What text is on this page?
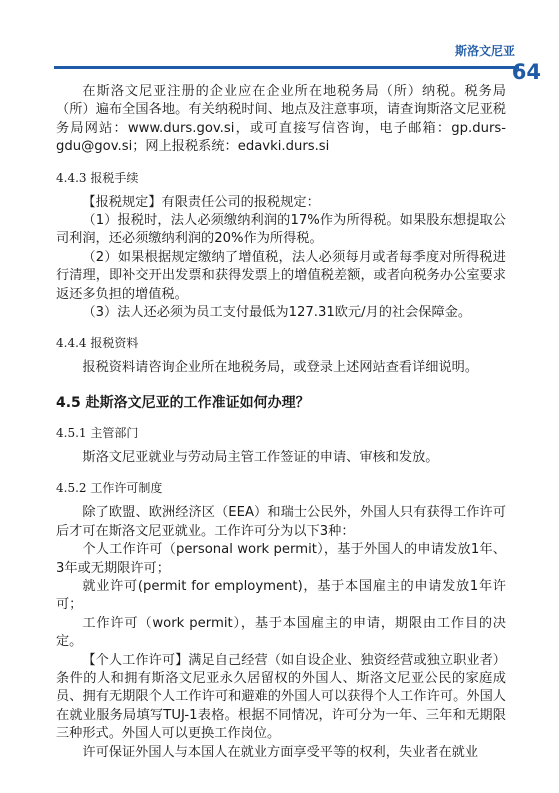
斯洛文尼亚
64

在斯洛文尼亚注册的企业应在企业所在地税务局（所）纳税。税务局（所）遍布全国各地。有关纳税时间、地点及注意事项，请查询斯洛文尼亚税务局网站：www.durs.gov.si，或可直接写信咨询，电子邮箱：gp.durs-gdu@gov.si；网上报税系统：edavki.durs.si

4.4.3 报税手续

【报税规定】有限责任公司的报税规定：

（1）报税时，法人必须缴纳利润的17%作为所得税。如果股东想提取公司利润，还必须缴纳利润的20%作为所得税。

（2）如果根据规定缴纳了增值税，法人必须每月或者每季度对所得税进行清理，即补交开出发票和获得发票上的增值税差额，或者向税务办公室要求返还多负担的增值税。

（3）法人还必须为员工支付最低为127.31欧元/月的社会保障金。

4.4.4 报税资料

报税资料请咨询企业所在地税务局，或登录上述网站查看详细说明。

4.5 赴斯洛文尼亚的工作准证如何办理？
4.5.1 主管部门

斯洛文尼亚就业与劳动局主管工作签证的申请、审核和发放。

4.5.2 工作许可制度

除了欧盟、欧洲经济区（EEA）和瑞士公民外，外国人只有获得工作许可后才可在斯洛文尼亚就业。工作许可分为以下3种：

个人工作许可（personal work permit），基于外国人的申请发放1年、3年或无期限许可；

就业许可(permit for employment)，基于本国雇主的申请发放1年许可；

工作许可（work permit），基于本国雇主的申请，期限由工作目的决定。

【个人工作许可】满足自己经营（如自设企业、独资经营或独立职业者）条件的人和拥有斯洛文尼亚永久居留权的外国人、斯洛文尼亚公民的家庭成员、拥有无期限个人工作许可和避难的外国人可以获得个人工作许可。外国人在就业服务局填写TUJ-1表格。根据不同情况，许可分为一年、三年和无期限三种形式。外国人可以更换工作岗位。

许可保证外国人与本国人在就业方面享受平等的权利，失业者在就业
